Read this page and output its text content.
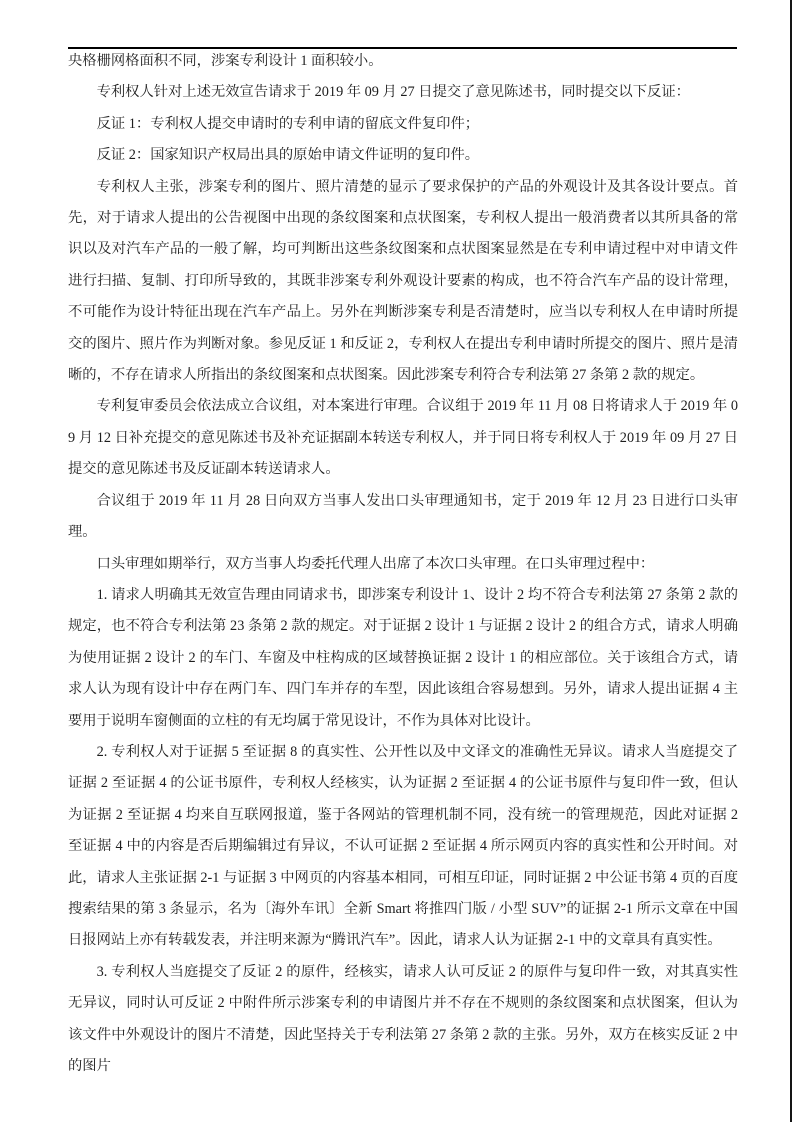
央格栅网格面积不同，涉案专利设计 1 面积较小。

专利权人针对上述无效宣告请求于 2019 年 09 月 27 日提交了意见陈述书，同时提交以下反证：

反证 1：专利权人提交申请时的专利申请的留底文件复印件；

反证 2：国家知识产权局出具的原始申请文件证明的复印件。

专利权人主张，涉案专利的图片、照片清楚的显示了要求保护的产品的外观设计及其各设计要点。首先，对于请求人提出的公告视图中出现的条纹图案和点状图案，专利权人提出一般消费者以其所具备的常识以及对汽车产品的一般了解，均可判断出这些条纹图案和点状图案显然是在专利申请过程中对申请文件进行扫描、复制、打印所导致的，其既非涉案专利外观设计要素的构成，也不符合汽车产品的设计常理，不可能作为设计特征出现在汽车产品上。另外在判断涉案专利是否清楚时，应当以专利权人在申请时所提交的图片、照片作为判断对象。参见反证 1 和反证 2，专利权人在提出专利申请时所提交的图片、照片是清晰的，不存在请求人所指出的条纹图案和点状图案。因此涉案专利符合专利法第 27 条第 2 款的规定。

专利复审委员会依法成立合议组，对本案进行审理。合议组于 2019 年 11 月 08 日将请求人于 2019 年 09 月 12 日补充提交的意见陈述书及补充证据副本转送专利权人，并于同日将专利权人于 2019 年 09 月 27 日提交的意见陈述书及反证副本转送请求人。

合议组于 2019 年 11 月 28 日向双方当事人发出口头审理通知书，定于 2019 年 12 月 23 日进行口头审理。

口头审理如期举行，双方当事人均委托代理人出席了本次口头审理。在口头审理过程中：

1. 请求人明确其无效宣告理由同请求书，即涉案专利设计 1、设计 2 均不符合专利法第 27 条第 2 款的规定，也不符合专利法第 23 条第 2 款的规定。对于证据 2 设计 1 与证据 2 设计 2 的组合方式，请求人明确为使用证据 2 设计 2 的车门、车窗及中柱构成的区域替换证据 2 设计 1 的相应部位。关于该组合方式，请求人认为现有设计中存在两门车、四门车并存的车型，因此该组合容易想到。另外，请求人提出证据 4 主要用于说明车窗侧面的立柱的有无均属于常见设计，不作为具体对比设计。

2. 专利权人对于证据 5 至证据 8 的真实性、公开性以及中文译文的准确性无异议。请求人当庭提交了证据 2 至证据 4 的公证书原件，专利权人经核实，认为证据 2 至证据 4 的公证书原件与复印件一致，但认为证据 2 至证据 4 均来自互联网报道，鉴于各网站的管理机制不同，没有统一的管理规范，因此对证据 2 至证据 4 中的内容是否后期编辑过有异议，不认可证据 2 至证据 4 所示网页内容的真实性和公开时间。对此，请求人主张证据 2-1 与证据 3 中网页的内容基本相同，可相互印证，同时证据 2 中公证书第 4 页的百度搜索结果的第 3 条显示，名为〔海外车讯〕全新 Smart 将推四门版 / 小型 SUV”的证据 2-1 所示文章在中国日报网站上亦有转载发表，并注明来源为“腾讯汽车”。因此，请求人认为证据 2-1 中的文章具有真实性。

3. 专利权人当庭提交了反证 2 的原件，经核实，请求人认可反证 2 的原件与复印件一致，对其真实性无异议，同时认可反证 2 中附件所示涉案专利的申请图片并不存在不规则的条纹图案和点状图案，但认为该文件中外观设计的图片不清楚，因此坚持关于专利法第 27 条第 2 款的主张。另外，双方在核实反证 2 中的图片
